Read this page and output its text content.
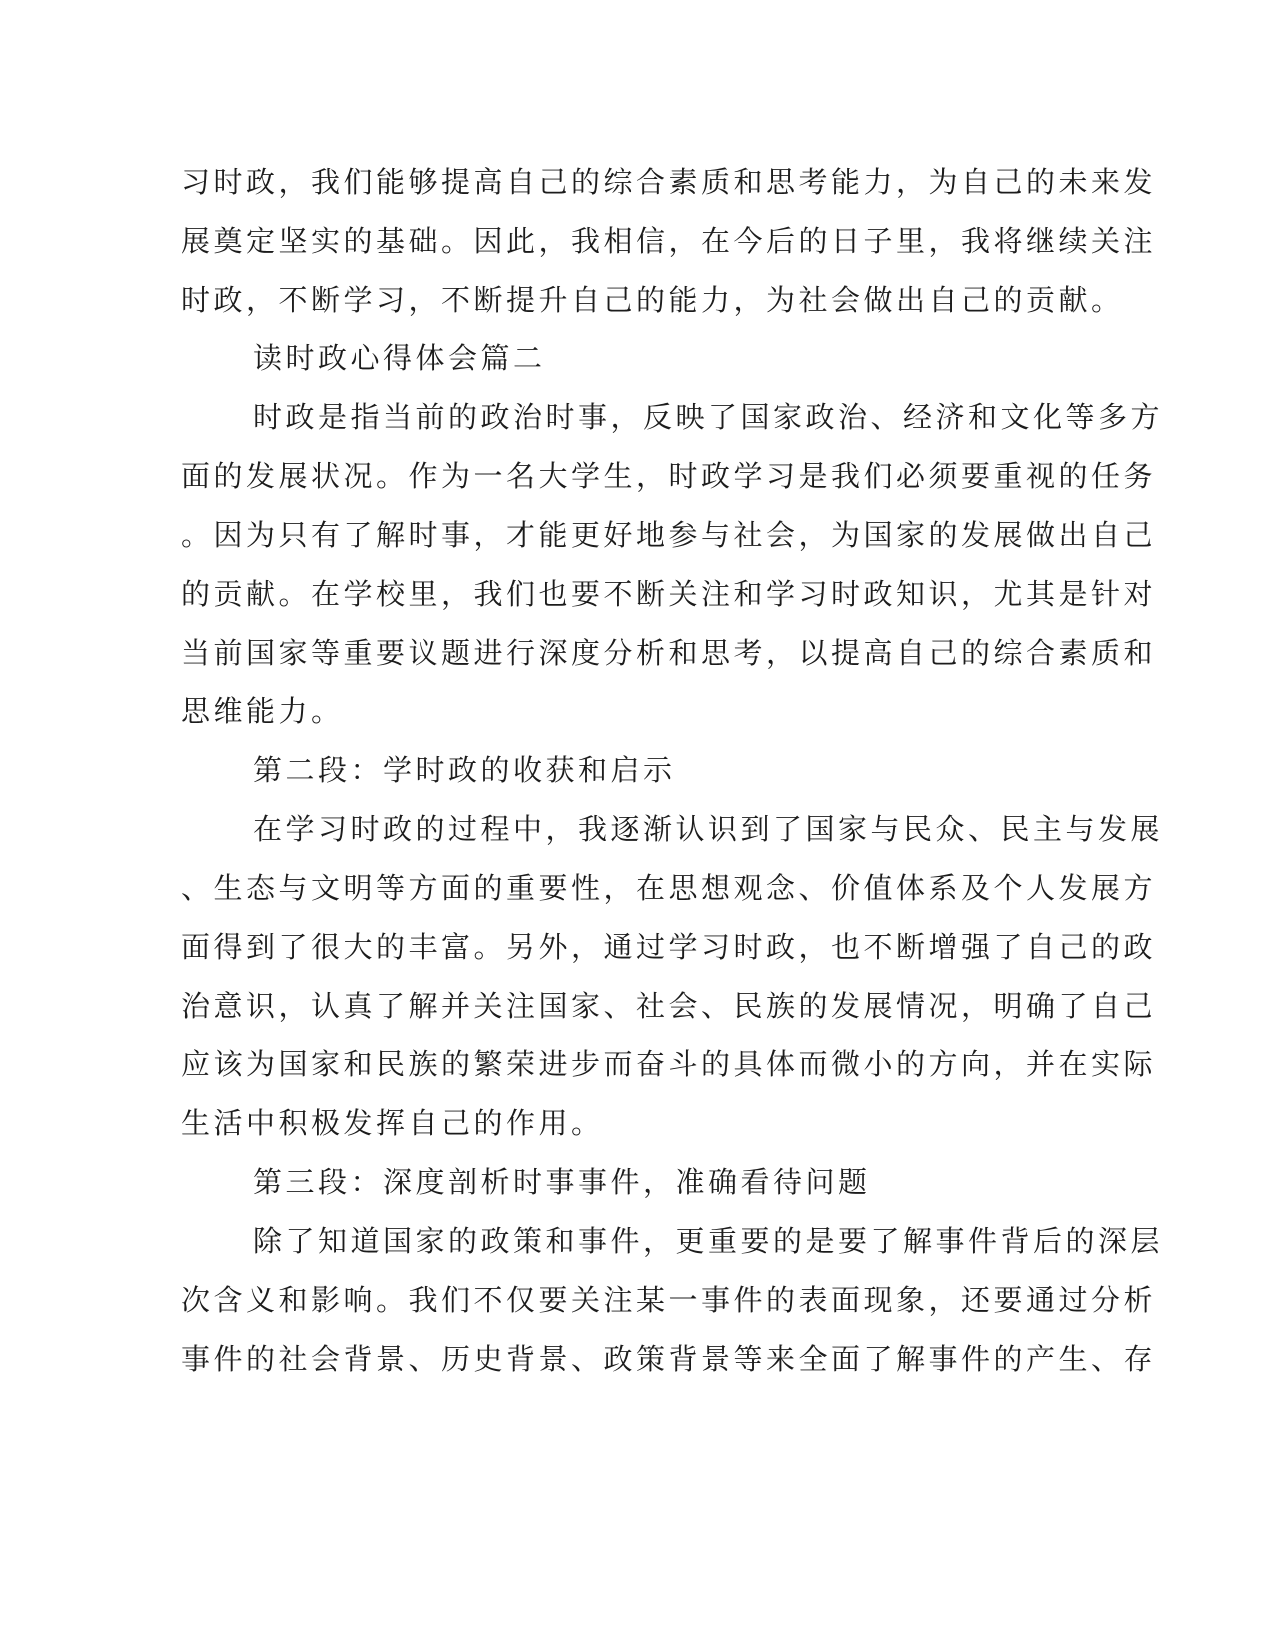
习时政，我们能够提高自己的综合素质和思考能力，为自己的未来发

展奠定坚实的基础。因此，我相信，在今后的日子里，我将继续关注

时政，不断学习，不断提升自己的能力，为社会做出自己的贡献。

读时政心得体会篇二

时政是指当前的政治时事，反映了国家政治、经济和文化等多方

面的发展状况。作为一名大学生，时政学习是我们必须要重视的任务

。因为只有了解时事，才能更好地参与社会，为国家的发展做出自己

的贡献。在学校里，我们也要不断关注和学习时政知识，尤其是针对

当前国家等重要议题进行深度分析和思考，以提高自己的综合素质和

思维能力。

第二段：学时政的收获和启示

在学习时政的过程中，我逐渐认识到了国家与民众、民主与发展

、生态与文明等方面的重要性，在思想观念、价值体系及个人发展方

面得到了很大的丰富。另外，通过学习时政，也不断增强了自己的政

治意识，认真了解并关注国家、社会、民族的发展情况，明确了自己

应该为国家和民族的繁荣进步而奋斗的具体而微小的方向，并在实际

生活中积极发挥自己的作用。

第三段：深度剖析时事事件，准确看待问题

除了知道国家的政策和事件，更重要的是要了解事件背后的深层

次含义和影响。我们不仅要关注某一事件的表面现象，还要通过分析

事件的社会背景、历史背景、政策背景等来全面了解事件的产生、存
